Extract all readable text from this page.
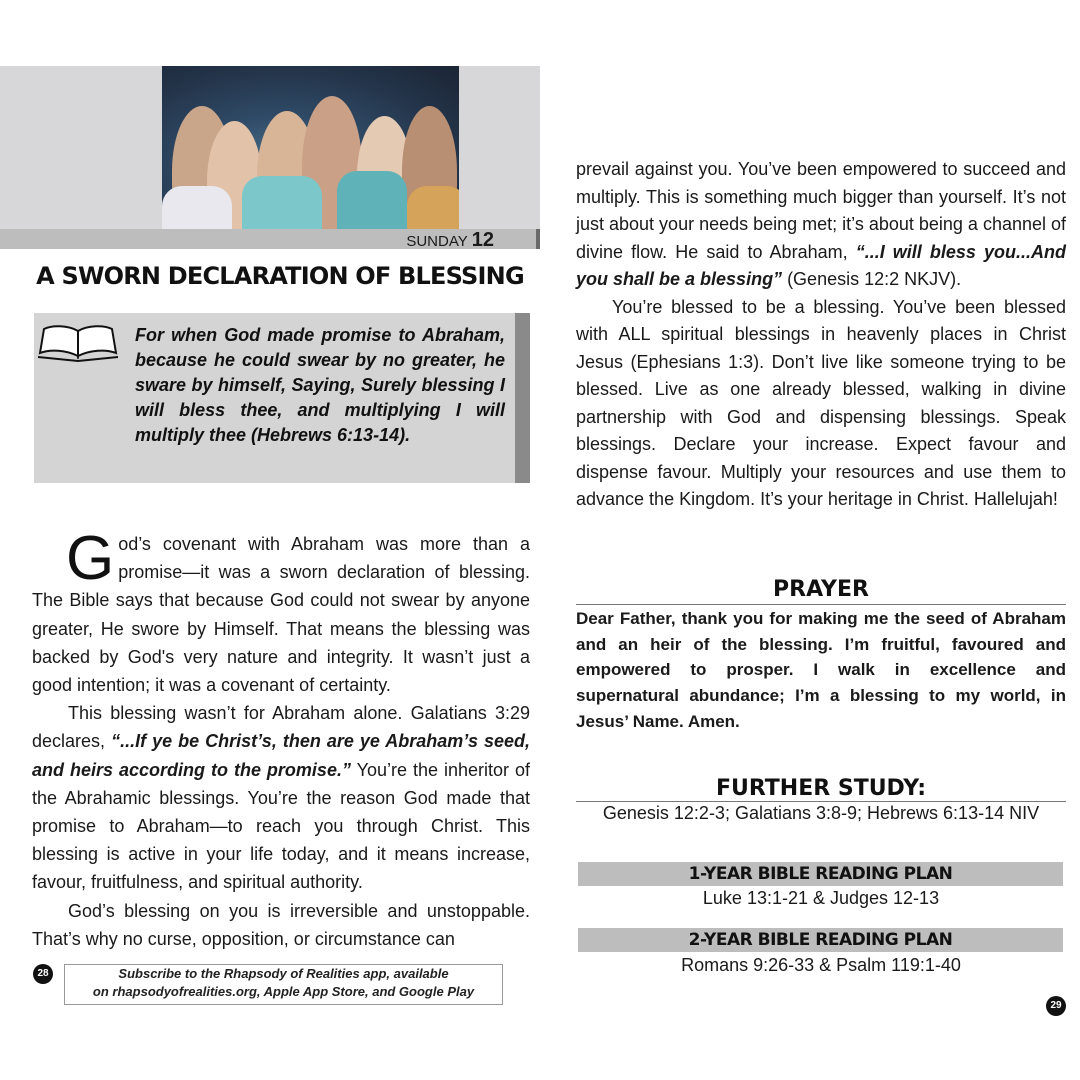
SUNDAY 12
A SWORN DECLARATION OF BLESSING
For when God made promise to Abraham, because he could swear by no greater, he sware by himself, Saying, Surely blessing I will bless thee, and multiplying I will multiply thee (Hebrews 6:13-14).

God’s covenant with Abraham was more than a promise—it was a sworn declaration of blessing. The Bible says that because God could not swear by anyone greater, He swore by Himself. That means the blessing was backed by God's very nature and integrity. It wasn’t just a good intention; it was a covenant of certainty.

This blessing wasn’t for Abraham alone. Galatians 3:29 declares, “...If ye be Christ’s, then are ye Abraham’s seed, and heirs according to the promise.” You’re the inheritor of the Abrahamic blessings. You’re the reason God made that promise to Abraham—to reach you through Christ. This blessing is active in your life today, and it means increase, favour, fruitfulness, and spiritual authority.

God’s blessing on you is irreversible and unstoppable. That’s why no curse, opposition, or circumstance can

28	Subscribe to the Rhapsody of Realities app, available
on rhapsodyofrealities.org, Apple App Store, and Google Play

prevail against you. You’ve been empowered to succeed and multiply. This is something much bigger than yourself. It’s not just about your needs being met; it’s about being a channel of divine flow. He said to Abraham, “...I will bless you...And you shall be a blessing” (Genesis 12:2 NKJV).

You’re blessed to be a blessing. You’ve been blessed with ALL spiritual blessings in heavenly places in Christ Jesus (Ephesians 1:3). Don’t live like someone trying to be blessed. Live as one already blessed, walking in divine partnership with God and dispensing blessings. Speak blessings. Declare your increase. Expect favour and dispense favour. Multiply your resources and use them to advance the Kingdom. It’s your heritage in Christ. Hallelujah!

PRAYER
Dear Father, thank you for making me the seed of Abraham and an heir of the blessing. I’m fruitful, favoured and empowered to prosper. I walk in excellence and supernatural abundance; I’m a blessing to my world, in Jesus’ Name. Amen.
FURTHER STUDY:
Genesis 12:2-3; Galatians 3:8-9; Hebrews 6:13-14 NIV
1-YEAR BIBLE READING PLAN
Luke 13:1-21 & Judges 12-13
2-YEAR BIBLE READING PLAN
Romans 9:26-33 & Psalm 119:1-40
29
